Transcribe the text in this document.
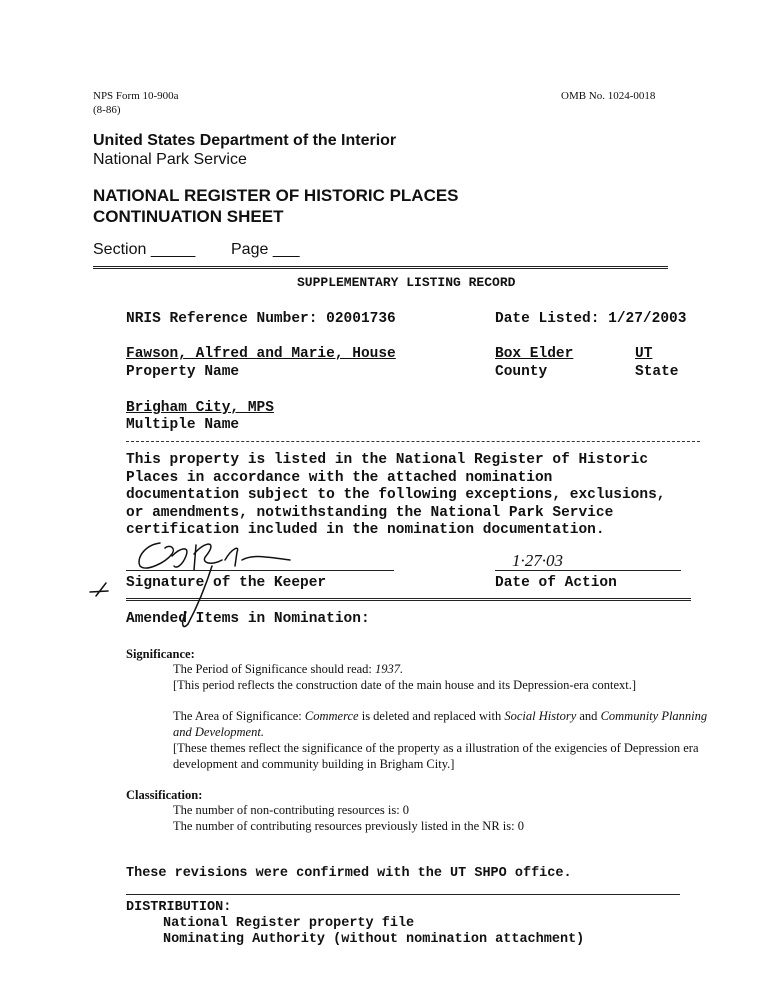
NPS Form 10-900a
(8-86)
OMB No. 1024-0018
United States Department of the Interior
National Park Service
NATIONAL REGISTER OF HISTORIC PLACES
CONTINUATION SHEET
Section _____ Page ___
SUPPLEMENTARY LISTING RECORD
NRIS Reference Number: 02001736	Date Listed: 1/27/2003
Fawson, Alfred and Marie, House	Box Elder	UT
Property Name	County	State
Brigham City, MPS
Multiple Name
This property is listed in the National Register of Historic
Places in accordance with the attached nomination
documentation subject to the following exceptions, exclusions,
or amendments, notwithstanding the National Park Service
certification included in the nomination documentation.
1·27·03
Signature of the Keeper	Date of Action
Amended Items in Nomination:
Significance:
The Period of Significance should read: 1937.
[This period reflects the construction date of the main house and its Depression-era context.]
The Area of Significance: Commerce is deleted and replaced with Social History and Community Planning
and Development.
[These themes reflect the significance of the property as a illustration of the exigencies of Depression era development and community building in Brigham City.]
Classification:
The number of non-contributing resources is: 0
The number of contributing resources previously listed in the NR is: 0
These revisions were confirmed with the UT SHPO office.
DISTRIBUTION:
National Register property file
Nominating Authority (without nomination attachment)
